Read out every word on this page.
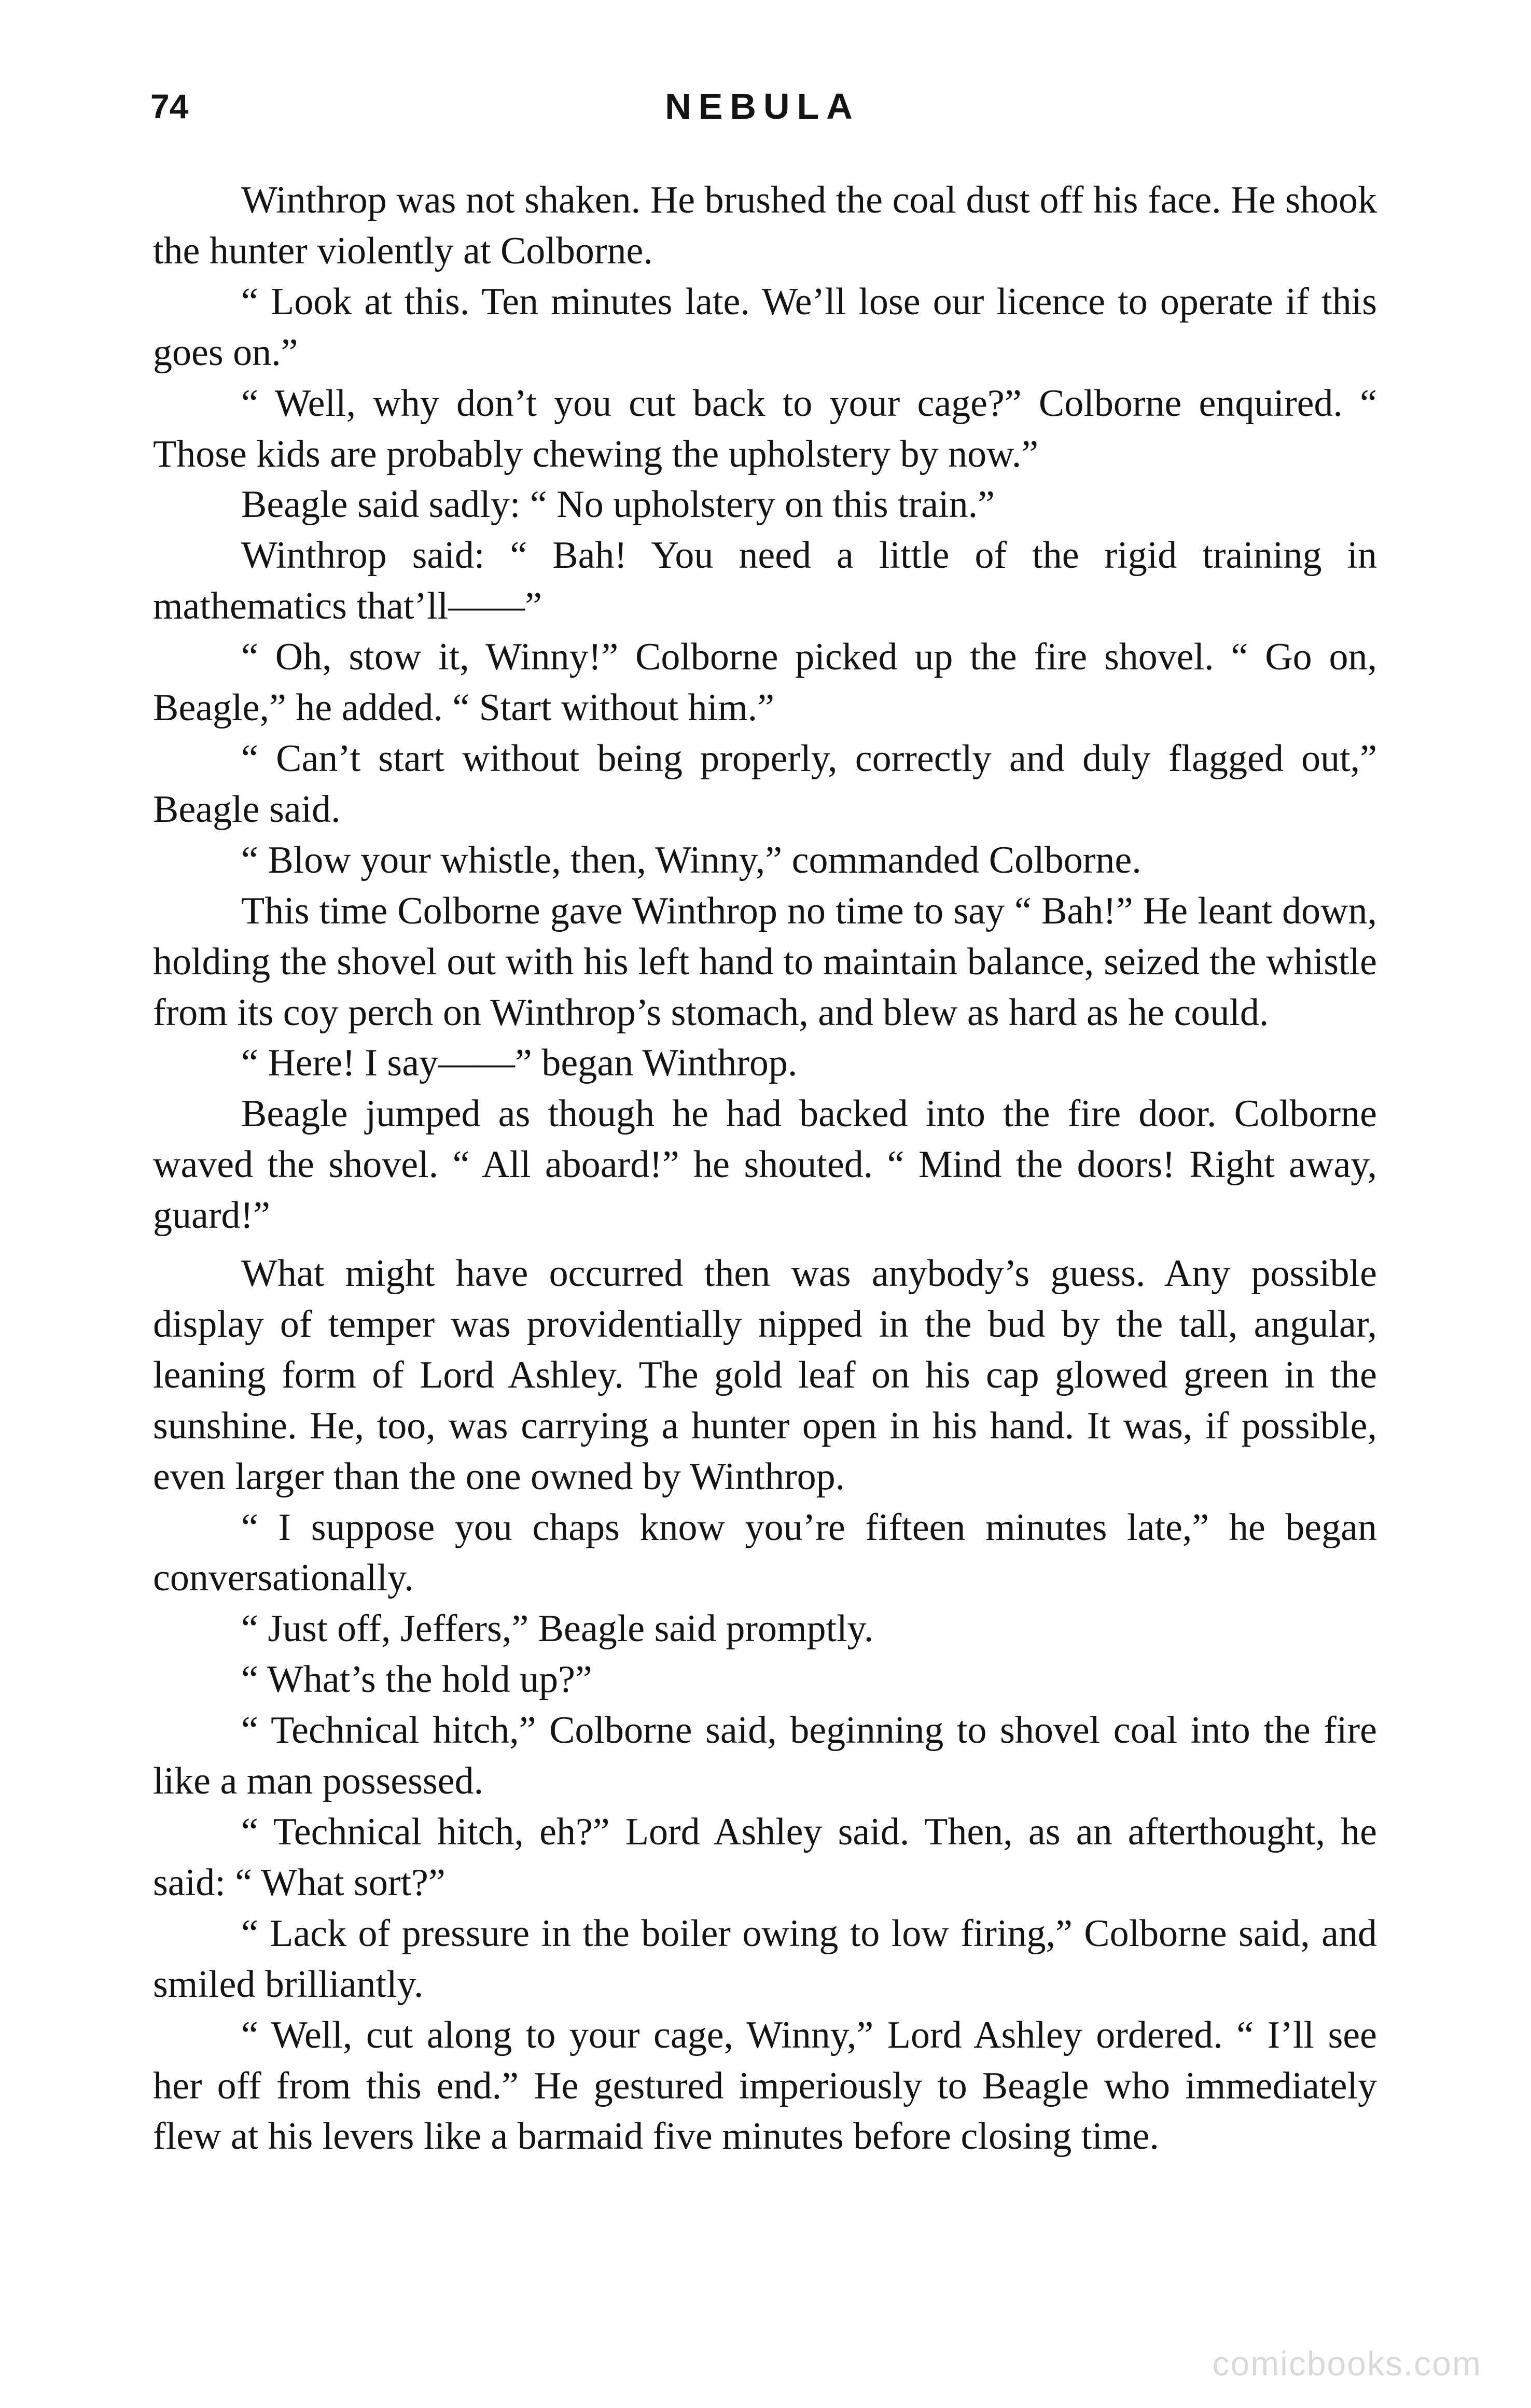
74	NEBULA

Winthrop was not shaken. He brushed the coal dust off his face. He shook the hunter violently at Colborne.

“ Look at this. Ten minutes late. We’ll lose our licence to operate if this goes on.”

“ Well, why don’t you cut back to your cage?” Colborne enquired. “ Those kids are probably chewing the upholstery by now.”

Beagle said sadly: “ No upholstery on this train.”

Winthrop said: “ Bah! You need a little of the rigid training in mathematics that’ll——”

“ Oh, stow it, Winny!” Colborne picked up the fire shovel. “ Go on, Beagle,” he added. “ Start without him.”

“ Can’t start without being properly, correctly and duly flagged out,” Beagle said.

“ Blow your whistle, then, Winny,” commanded Colborne.

This time Colborne gave Winthrop no time to say “ Bah!” He leant down, holding the shovel out with his left hand to maintain balance, seized the whistle from its coy perch on Winthrop’s stomach, and blew as hard as he could.

“ Here! I say——” began Winthrop.

Beagle jumped as though he had backed into the fire door. Colborne waved the shovel. “ All aboard!” he shouted. “ Mind the doors! Right away, guard!”

What might have occurred then was anybody’s guess. Any possible display of temper was providentially nipped in the bud by the tall, angular, leaning form of Lord Ashley. The gold leaf on his cap glowed green in the sunshine. He, too, was carrying a hunter open in his hand. It was, if possible, even larger than the one owned by Winthrop.

“ I suppose you chaps know you’re fifteen minutes late,” he began conversationally.

“ Just off, Jeffers,” Beagle said promptly.

“ What’s the hold up?”

“ Technical hitch,” Colborne said, beginning to shovel coal into the fire like a man possessed.

“ Technical hitch, eh?” Lord Ashley said. Then, as an afterthought, he said: “ What sort?”

“ Lack of pressure in the boiler owing to low firing,” Colborne said, and smiled brilliantly.

“ Well, cut along to your cage, Winny,” Lord Ashley ordered. “ I’ll see her off from this end.” He gestured imperiously to Beagle who immediately flew at his levers like a barmaid five minutes before closing time.

comicbooks.com
